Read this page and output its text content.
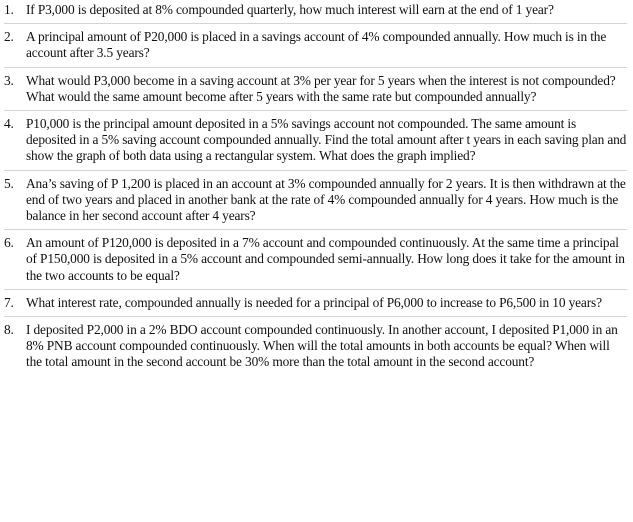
1. If P3,000 is deposited at 8% compounded quarterly, how much interest will earn at the end of 1 year?
2. A principal amount of P20,000 is placed in a savings account of 4% compounded annually. How much is in the account after 3.5 years?
3. What would P3,000 become in a saving account at 3% per year for 5 years when the interest is not compounded? What would the same amount become after 5 years with the same rate but compounded annually?
4. P10,000 is the principal amount deposited in a 5% savings account not compounded. The same amount is deposited in a 5% saving account compounded annually. Find the total amount after t years in each saving plan and show the graph of both data using a rectangular system. What does the graph implied?
5. Ana’s saving of P 1,200 is placed in an account at 3% compounded annually for 2 years. It is then withdrawn at the end of two years and placed in another bank at the rate of 4% compounded annually for 4 years. How much is the balance in her second account after 4 years?
6. An amount of P120,000 is deposited in a 7% account and compounded continuously. At the same time a principal of P150,000 is deposited in a 5% account and compounded semi-annually. How long does it take for the amount in the two accounts to be equal?
7. What interest rate, compounded annually is needed for a principal of P6,000 to increase to P6,500 in 10 years?
8. I deposited P2,000 in a 2% BDO account compounded continuously. In another account, I deposited P1,000 in an 8% PNB account compounded continuously. When will the total amounts in both accounts be equal? When will the total amount in the second account be 30% more than the total amount in the second account?
